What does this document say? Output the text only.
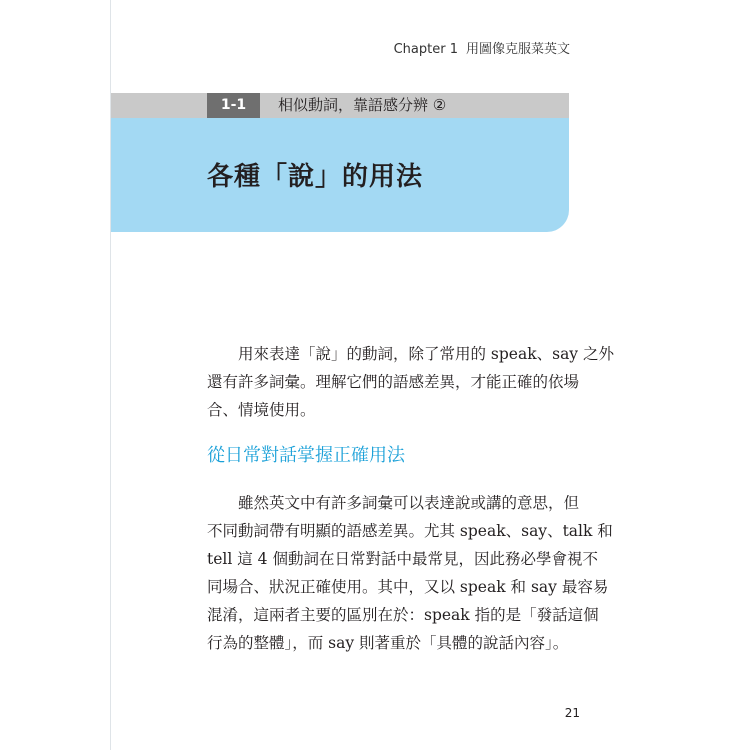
Chapter 1 用圖像克服菜英文
1-1	相似動詞，靠語感分辨 ②
各種「說」的用法

用來表達「說」的動詞，除了常用的 speak、say 之外
還有許多詞彙。理解它們的語感差異，才能正確的依場
合、情境使用。

從日常對話掌握正確用法

雖然英文中有許多詞彙可以表達說或講的意思，但
不同動詞帶有明顯的語感差異。尤其 speak、say、talk 和
tell 這 4 個動詞在日常對話中最常見，因此務必學會視不
同場合、狀況正確使用。其中，又以 speak 和 say 最容易
混淆，這兩者主要的區別在於：speak 指的是「發話這個
行為的整體」，而 say 則著重於「具體的說話內容」。

21
